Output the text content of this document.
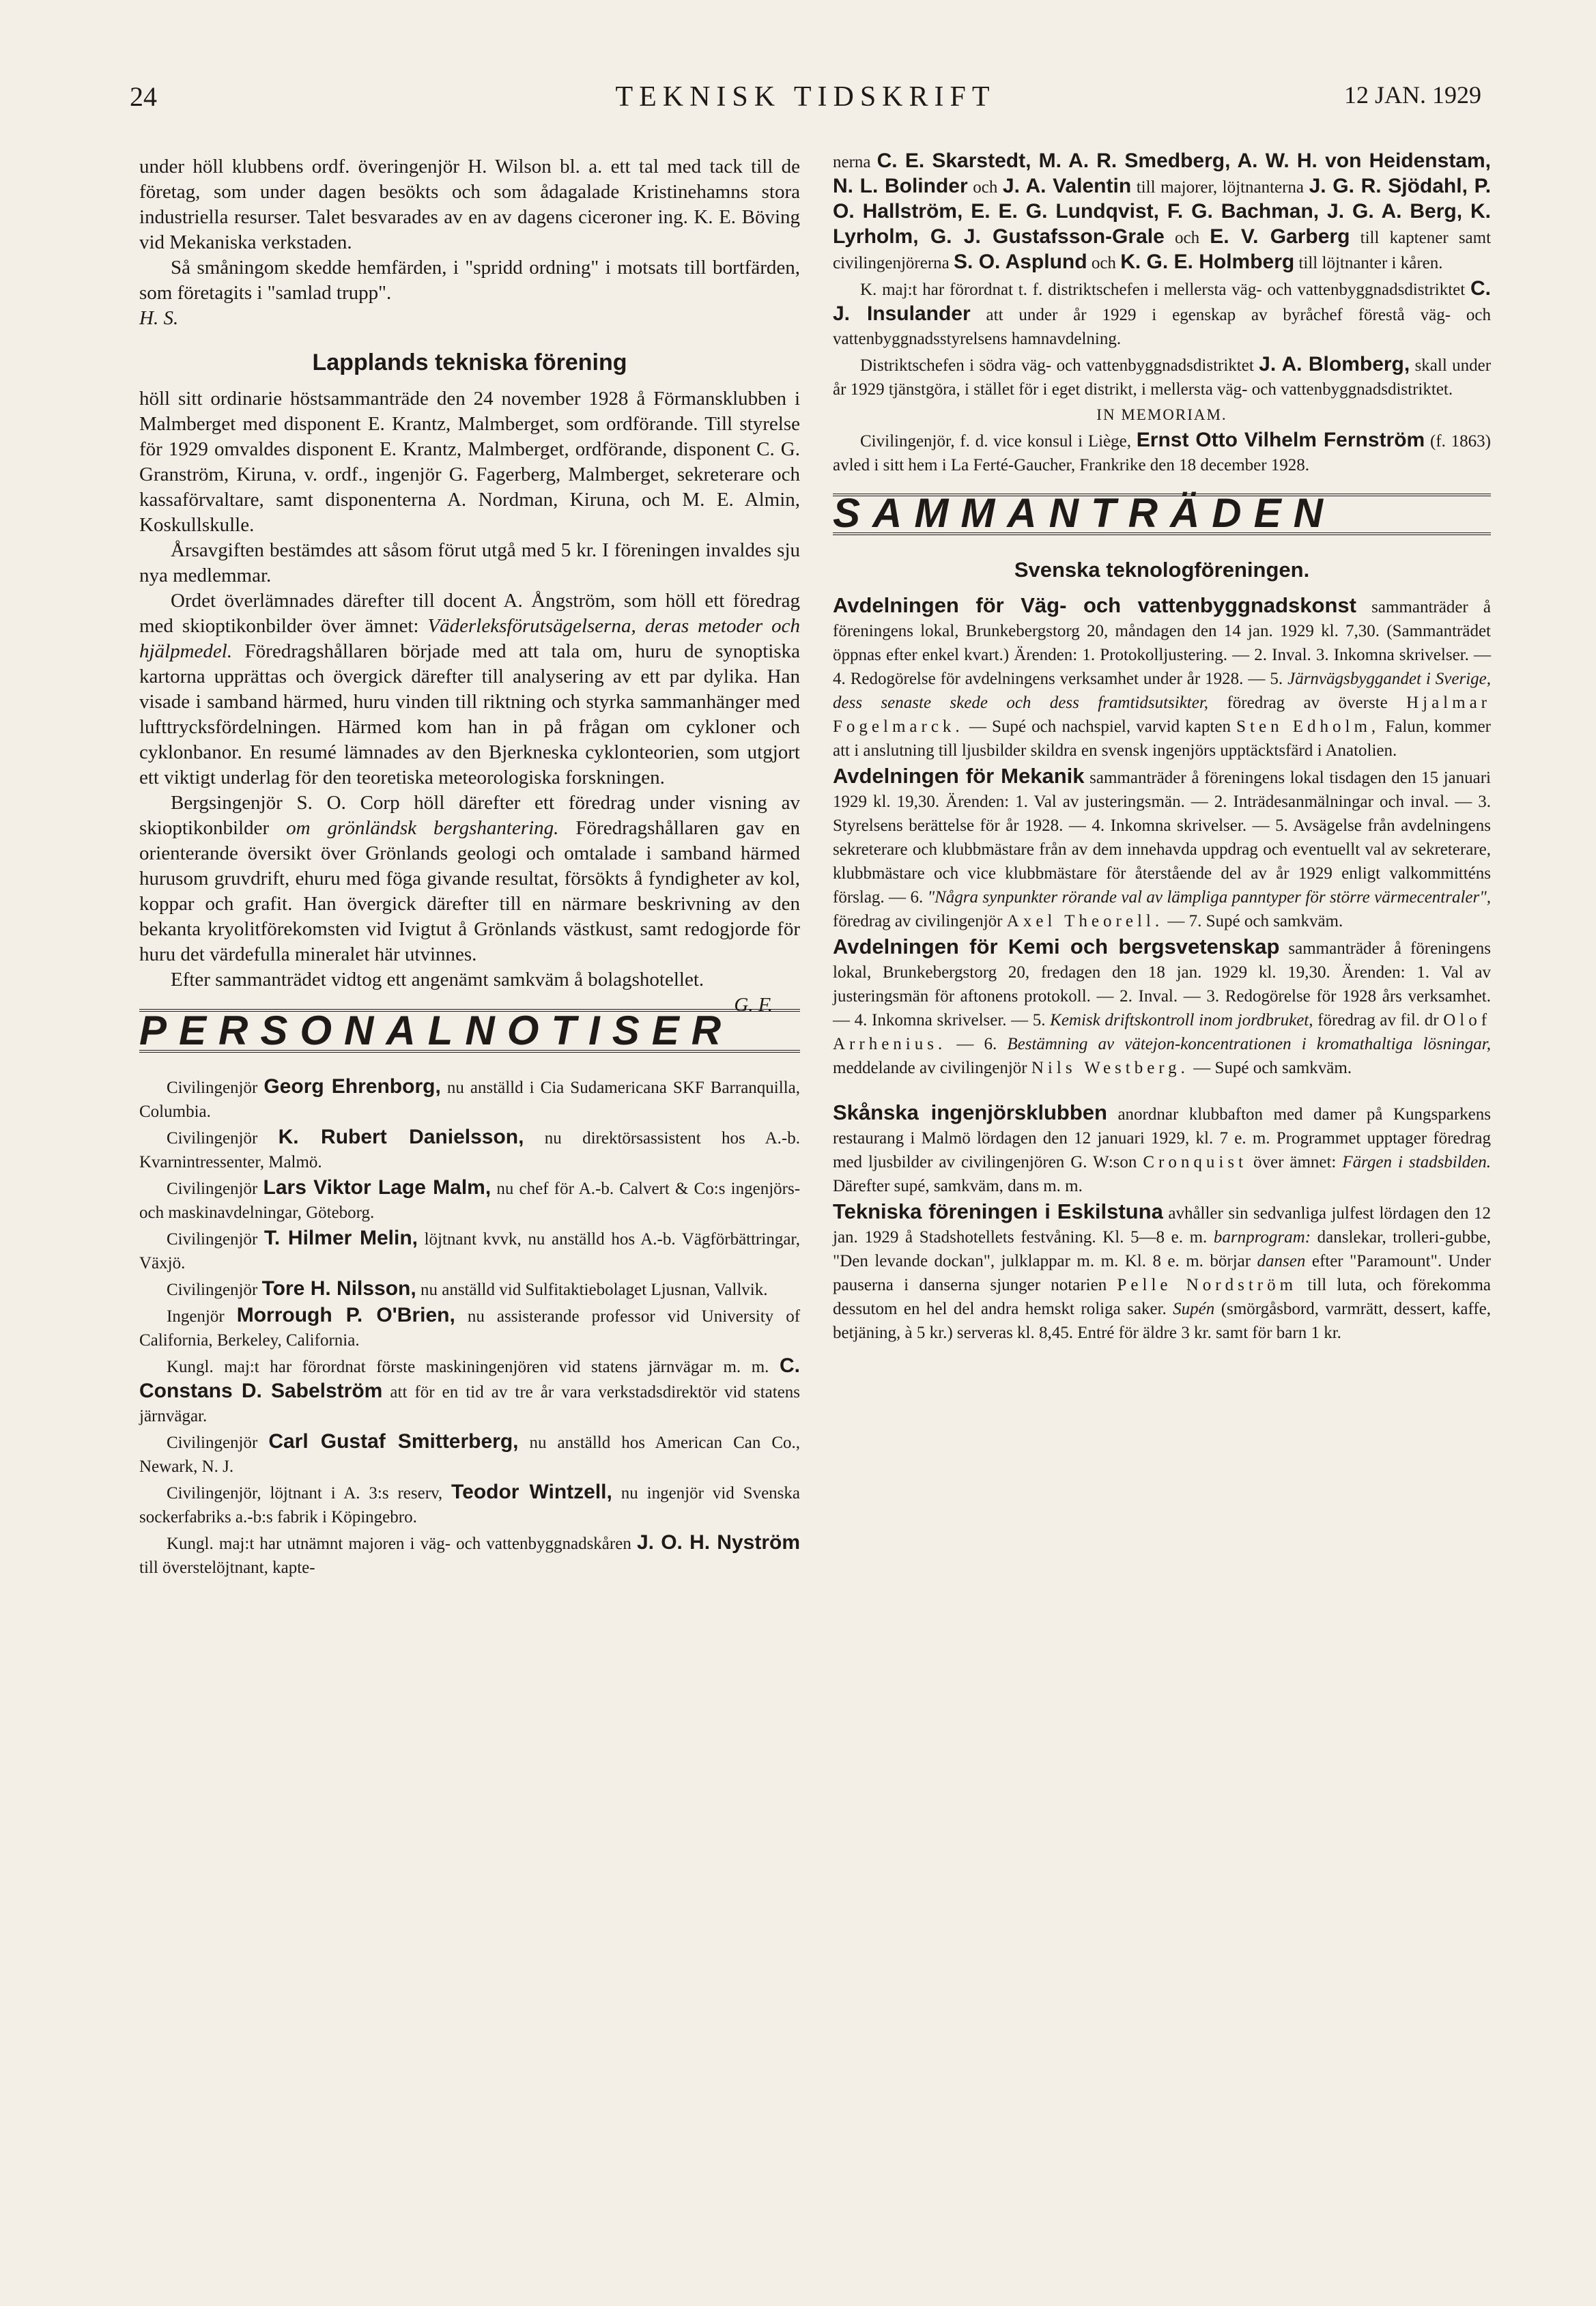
24	TEKNISK TIDSKRIFT	12 JAN. 1929

under höll klubbens ordf. överingenjör H. Wilson bl. a. ett tal med tack till de företag, som under dagen besökts och som ådagalade Kristinehamns stora industriella resurser. Talet besvarades av en av dagens ciceroner ing. K. E. Böving vid Mekaniska verkstaden.

Så småningom skedde hemfärden, i "spridd ordning" i motsats till bortfärden, som företagits i "samlad trupp".

H. S.

Lapplands tekniska förening

höll sitt ordinarie höstsammanträde den 24 november 1928 å Förmansklubben i Malmberget med disponent E. Krantz, Malmberget, som ordförande. Till styrelse för 1929 omvaldes disponent E. Krantz, Malmberget, ordförande, disponent C. G. Granström, Kiruna, v. ordf., ingenjör G. Fagerberg, Malmberget, sekreterare och kassaförvaltare, samt disponenterna A. Nordman, Kiruna, och M. E. Almin, Koskullskulle.

Årsavgiften bestämdes att såsom förut utgå med 5 kr. I föreningen invaldes sju nya medlemmar.

Ordet överlämnades därefter till docent A. Ångström, som höll ett föredrag med skioptikonbilder över ämnet: Väderleksförutsägelserna, deras metoder och hjälpmedel. Föredragshållaren började med att tala om, huru de synoptiska kartorna upprättas och övergick därefter till analysering av ett par dylika. Han visade i samband härmed, huru vinden till riktning och styrka sammanhänger med lufttrycksfördelningen. Härmed kom han in på frågan om cykloner och cyklonbanor. En resumé lämnades av den Bjerkneska cyklonteorien, som utgjort ett viktigt underlag för den teoretiska meteorologiska forskningen.

Bergsingenjör S. O. Corp höll därefter ett föredrag under visning av skioptikonbilder om grönländsk bergshantering. Föredragshållaren gav en orienterande översikt över Grönlands geologi och omtalade i samband härmed hurusom gruvdrift, ehuru med föga givande resultat, försökts å fyndigheter av kol, koppar och grafit. Han övergick därefter till en närmare beskrivning av den bekanta kryolitförekomsten vid Ivigtut å Grönlands västkust, samt redogjorde för huru det värdefulla mineralet här utvinnes.

Efter sammanträdet vidtog ett angenämt samkväm å bolagshotellet.
G. F.

PERSONALNOTISER

Civilingenjör Georg Ehrenborg, nu anställd i Cia Sudamericana SKF Barranquilla, Columbia.

Civilingenjör K. Rubert Danielsson, nu direktörsassistent hos A.-b. Kvarnintressenter, Malmö.

Civilingenjör Lars Viktor Lage Malm, nu chef för A.-b. Calvert & Co:s ingenjörs- och maskinavdelningar, Göteborg.

Civilingenjör T. Hilmer Melin, löjtnant kvvk, nu anställd hos A.-b. Vägförbättringar, Växjö.

Civilingenjör Tore H. Nilsson, nu anställd vid Sulfitaktiebolaget Ljusnan, Vallvik.

Ingenjör Morrough P. O'Brien, nu assisterande professor vid University of California, Berkeley, California.

Kungl. maj:t har förordnat förste maskiningenjören vid statens järnvägar m. m. C. Constans D. Sabelström att för en tid av tre år vara verkstadsdirektör vid statens järnvägar.

Civilingenjör Carl Gustaf Smitterberg, nu anställd hos American Can Co., Newark, N. J.

Civilingenjör, löjtnant i A. 3:s reserv, Teodor Wintzell, nu ingenjör vid Svenska sockerfabriks a.-b:s fabrik i Köpingebro.

Kungl. maj:t har utnämnt majoren i väg- och vattenbyggnadskåren J. O. H. Nyström till överstelöjtnant, kapte-

nerna C. E. Skarstedt, M. A. R. Smedberg, A. W. H. von Heidenstam, N. L. Bolinder och J. A. Valentin till majorer, löjtnanterna J. G. R. Sjödahl, P. O. Hallström, E. E. G. Lundqvist, F. G. Bachman, J. G. A. Berg, K. Lyrholm, G. J. Gustafsson-Grale och E. V. Garberg till kaptener samt civilingenjörerna S. O. Asplund och K. G. E. Holmberg till löjtnanter i kåren.

K. maj:t har förordnat t. f. distriktschefen i mellersta väg- och vattenbyggnadsdistriktet C. J. Insulander att under år 1929 i egenskap av byråchef förestå väg- och vattenbyggnadsstyrelsens hamnavdelning.

Distriktschefen i södra väg- och vattenbyggnadsdistriktet J. A. Blomberg, skall under år 1929 tjänstgöra, i stället för i eget distrikt, i mellersta väg- och vattenbyggnadsdistriktet.

IN MEMORIAM.

Civilingenjör, f. d. vice konsul i Liège, Ernst Otto Vilhelm Fernström (f. 1863) avled i sitt hem i La Ferté-Gaucher, Frankrike den 18 december 1928.

SAMMANTRÄDEN
Svenska teknologföreningen.

Avdelningen för Väg- och vattenbyggnadskonst sammanträder å föreningens lokal, Brunkebergstorg 20, måndagen den 14 jan. 1929 kl. 7,30. (Sammanträdet öppnas efter enkel kvart.) Ärenden: 1. Protokolljustering. — 2. Inval. 3. Inkomna skrivelser. — 4. Redogörelse för avdelningens verksamhet under år 1928. — 5. Järnvägsbyggandet i Sverige, dess senaste skede och dess framtidsutsikter, föredrag av överste Hjalmar Fogelmarck. — Supé och nachspiel, varvid kapten Sten Edholm, Falun, kommer att i anslutning till ljusbilder skildra en svensk ingenjörs upptäcktsfärd i Anatolien.

Avdelningen för Mekanik sammanträder å föreningens lokal tisdagen den 15 januari 1929 kl. 19,30. Ärenden: 1. Val av justeringsmän. — 2. Inträdesanmälningar och inval. — 3. Styrelsens berättelse för år 1928. — 4. Inkomna skrivelser. — 5. Avsägelse från avdelningens sekreterare och klubbmästare från av dem innehavda uppdrag och eventuellt val av sekreterare, klubbmästare och vice klubbmästare för återstående del av år 1929 enligt valkommitténs förslag. — 6. "Några synpunkter rörande val av lämpliga panntyper för större värmecentraler", föredrag av civilingenjör Axel Theorell. — 7. Supé och samkväm.

Avdelningen för Kemi och bergsvetenskap sammanträder å föreningens lokal, Brunkebergstorg 20, fredagen den 18 jan. 1929 kl. 19,30. Ärenden: 1. Val av justeringsmän för aftonens protokoll. — 2. Inval. — 3. Redogörelse för 1928 års verksamhet. — 4. Inkomna skrivelser. — 5. Kemisk driftskontroll inom jordbruket, föredrag av fil. dr Olof Arrhenius. — 6. Bestämning av vätejon-koncentrationen i kromathaltiga lösningar, meddelande av civilingenjör Nils Westberg. — Supé och samkväm.

Skånska ingenjörsklubben anordnar klubbafton med damer på Kungsparkens restaurang i Malmö lördagen den 12 januari 1929, kl. 7 e. m. Programmet upptager föredrag med ljusbilder av civilingenjören G. W:son Cronquist över ämnet: Färgen i stadsbilden. Därefter supé, samkväm, dans m. m.

Tekniska föreningen i Eskilstuna avhåller sin sedvanliga julfest lördagen den 12 jan. 1929 å Stadshotellets festvåning. Kl. 5—8 e. m. barnprogram: danslekar, trolleri-gubbe, "Den levande dockan", julklappar m. m. Kl. 8 e. m. börjar dansen efter "Paramount". Under pauserna i danserna sjunger notarien Pelle Nordström till luta, och förekomma dessutom en hel del andra hemskt roliga saker. Supén (smörgåsbord, varmrätt, dessert, kaffe, betjäning, à 5 kr.) serveras kl. 8,45. Entré för äldre 3 kr. samt för barn 1 kr.
